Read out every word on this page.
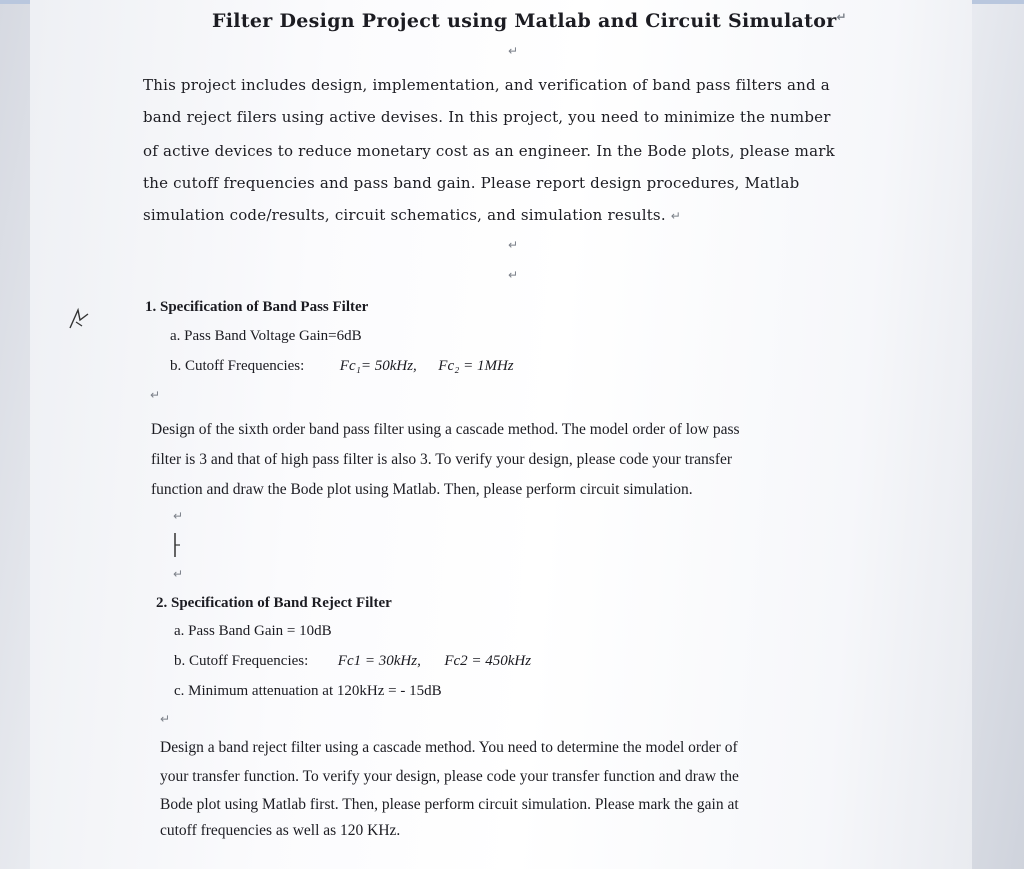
Filter Design Project using Matlab and Circuit Simulator ↵
↵
This project includes design, implementation, and verification of band pass filters and a
band reject filers using active devises. In this project, you need to minimize the number
of active devices to reduce monetary cost as an engineer. In the Bode plots, please mark
the cutoff frequencies and pass band gain. Please report design procedures, Matlab
simulation code/results, circuit schematics, and simulation results. ↵
↵
↵
1. Specification of Band Pass Filter
a. Pass Band Voltage Gain=6dB
b. Cutoff Frequencies: Fc₁= 50kHz, Fc₂ = 1MHz
↵
Design of the sixth order band pass filter using a cascade method. The model order of low pass
filter is 3 and that of high pass filter is also 3. To verify your design, please code your transfer
function and draw the Bode plot using Matlab. Then, please perform circuit simulation.
↵
↵
2. Specification of Band Reject Filter
a. Pass Band Gain = 10dB
b. Cutoff Frequencies: Fc1 = 30kHz, Fc2 = 450kHz
c. Minimum attenuation at 120kHz = - 15dB
↵
Design a band reject filter using a cascade method. You need to determine the model order of
your transfer function. To verify your design, please code your transfer function and draw the
Bode plot using Matlab first. Then, please perform circuit simulation. Please mark the gain at
cutoff frequencies as well as 120 KHz.
